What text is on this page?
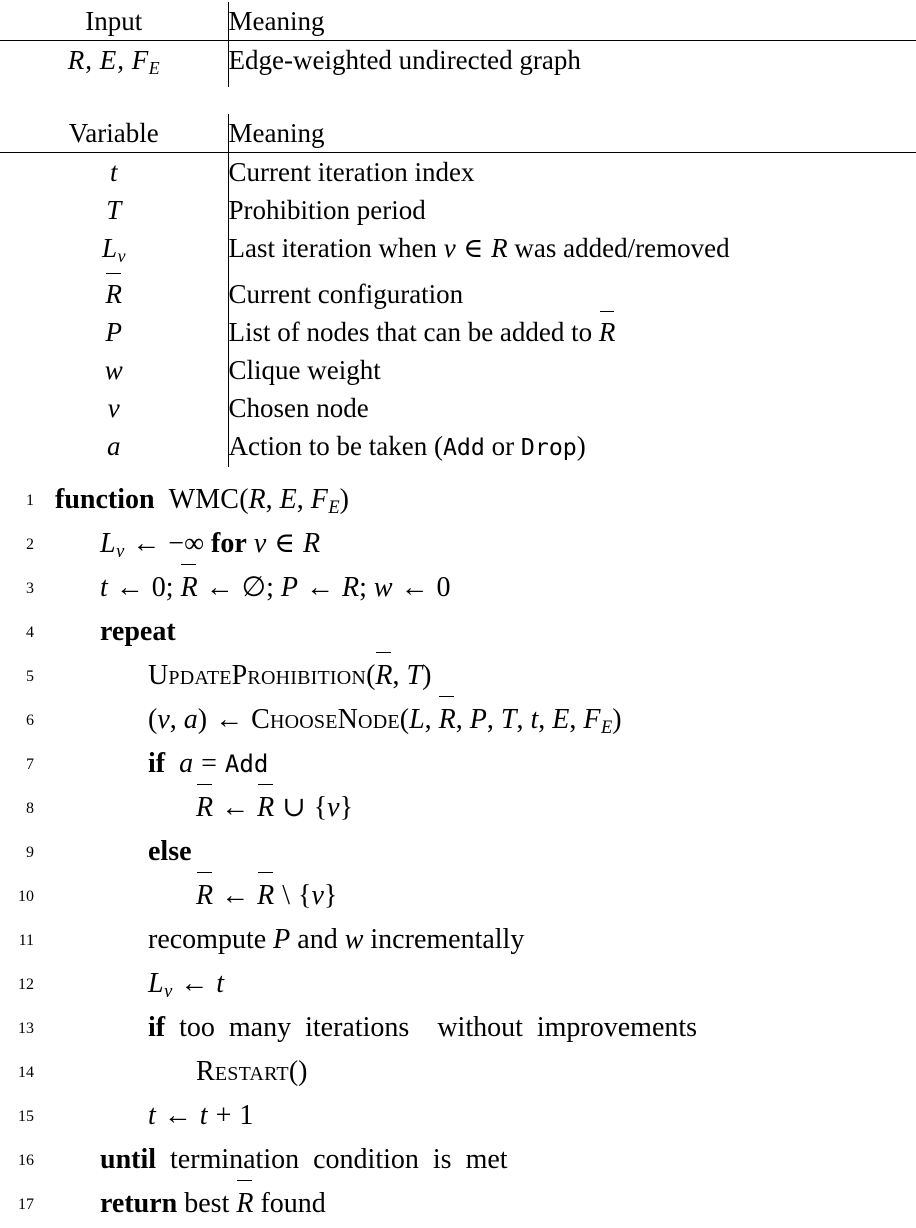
Input	Meaning

R, E, $F_E$	Edge-weighted undirected graph
Variable	Meaning

t	Current iteration index
T	Prohibition period
$L_v$	Last iteration when v ∈ R was added/removed
R	Current configuration
P	List of nodes that can be added to R
w	Clique weight
v	Chosen node
a	Action to be taken (Add or Drop)
1 function WMC(R, E, $F_E$)
2	$L_v$ ← −∞ for v ∈ R
3	t ← 0; R ← ∅; P ← R; w ← 0
4	repeat
5	UpdateProhibition(R, T)
6	(v, a) ← ChooseNode(L, R, P, T, t, E, $F_E$)
7	if a = Add
8	R ← R ∪ {v}
9	else
10	R ← R \ {v}
11	recompute P and w incrementally
12	$L_v$ ← t
13	if too many iterations without improvements
14	Restart()
15	t ← t + 1
16	until termination condition is met
17	return best R found
